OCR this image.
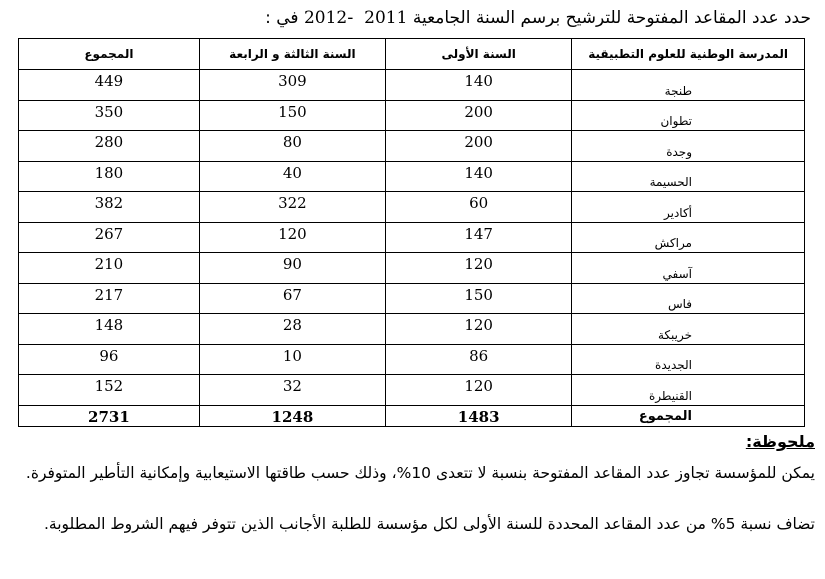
حدد عدد المقاعد المفتوحة للترشيح برسم السنة الجامعية 2011  -2012 في :

المدرسة الوطنية للعلوم التطبيقية	السنة الأولى	السنة الثالثة و الرابعة	المجموع
طنجة	140	309	449
تطوان	200	150	350
وجدة	200	80	280
الحسيمة	140	40	180
أكادير	60	322	382
مراكش	147	120	267
آسفي	120	90	210
فاس	150	67	217
خريبكة	120	28	148
الجديدة	86	10	96
القنيطرة	120	32	152
المجموع	1483	1248	2731

ملحوظة:

يمكن للمؤسسة تجاوز عدد المقاعد المفتوحة بنسبة لا تتعدى 10%، وذلك حسب طاقتها الاستيعابية وإمكانية التأطير المتوفرة.

تضاف نسبة 5% من عدد المقاعد المحددة للسنة الأولى لكل مؤسسة للطلبة الأجانب الذين تتوفر فيهم الشروط المطلوبة.
